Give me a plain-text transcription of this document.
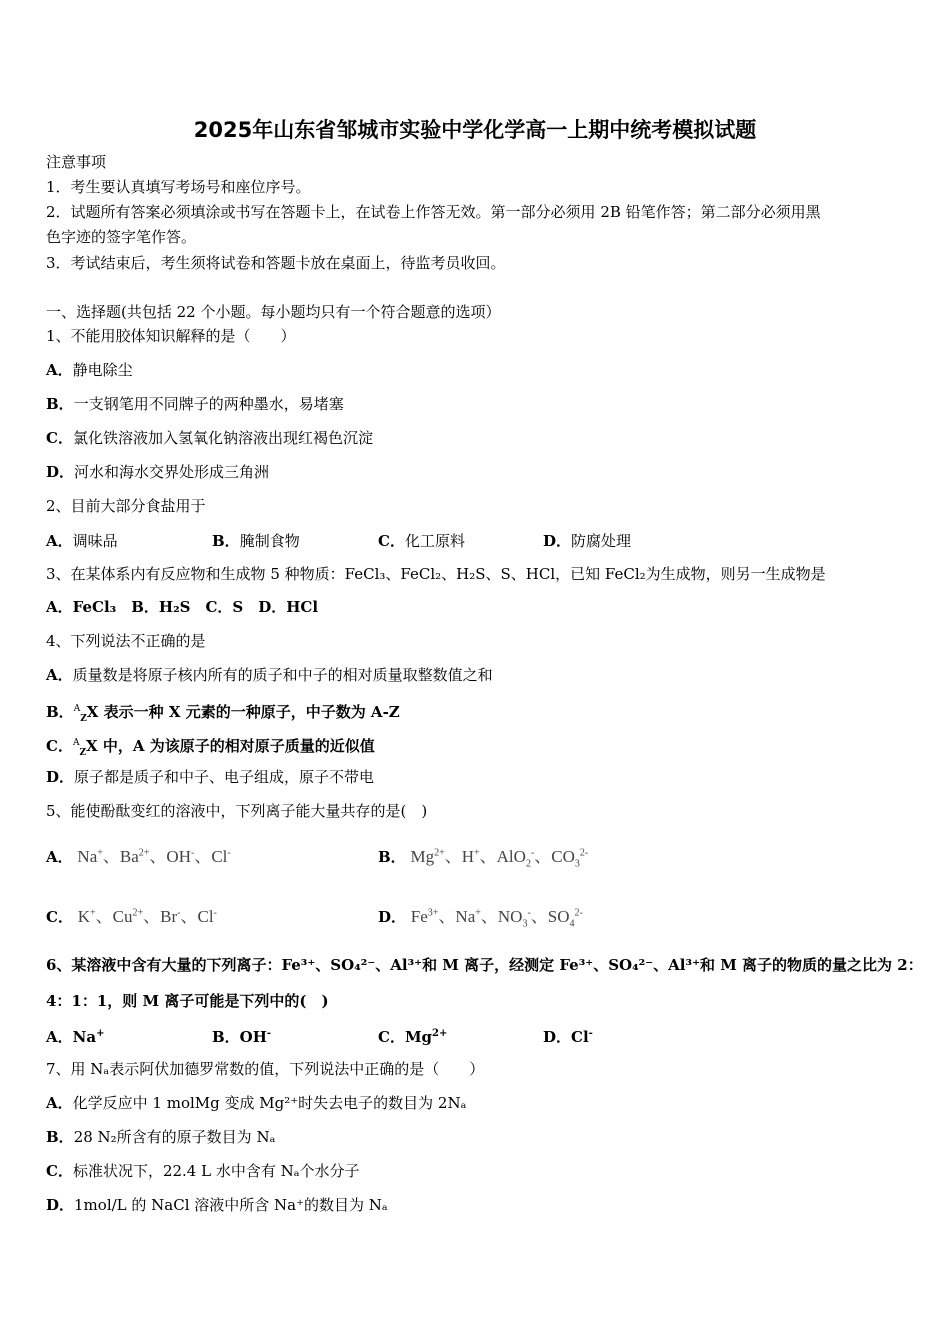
2025年山东省邹城市实验中学化学高一上期中统考模拟试题
注意事项
1．考生要认真填写考场号和座位序号。
2．试题所有答案必须填涂或书写在答题卡上，在试卷上作答无效。第一部分必须用 2B 铅笔作答；第二部分必须用黑
色字迹的签字笔作答。
3．考试结束后，考生须将试卷和答题卡放在桌面上，待监考员收回。
一、选择题(共包括 22 个小题。每小题均只有一个符合题意的选项）
1、不能用胶体知识解释的是（　　）
A．静电除尘
B．一支钢笔用不同牌子的两种墨水，易堵塞
C．氯化铁溶液加入氢氧化钠溶液出现红褐色沉淀
D．河水和海水交界处形成三角洲
2、目前大部分食盐用于
A．调味品	B．腌制食物	C．化工原料	D．防腐处理
3、在某体系内有反应物和生成物 5 种物质：FeCl₃、FeCl₂、H₂S、S、HCl，已知 FeCl₂为生成物，则另一生成物是
A．FeCl₃　B．H₂S　C．S　D．HCl
4、下列说法不正确的是
A．质量数是将原子核内所有的质子和中子的相对质量取整数值之和
B．$^A_Z$X 表示一种 X 元素的一种原子，中子数为 A-Z
C．$^A_Z$X 中，A 为该原子的相对原子质量的近似值
D．原子都是质子和中子、电子组成，原子不带电
5、能使酚酞变红的溶液中，下列离子能大量共存的是(　)
A． Na+、$Ba^{2+}$、OH-、Cl-	B． $Mg^{2+}$、H+、AlO$_2$-、$CO_3^{2-}$
C． K+、$Cu^{2+}$、Br-、Cl-	D． $Fe^{3+}$、Na+、$NO_3^-$、$SO_4^{2-}$
6、某溶液中含有大量的下列离子：Fe³⁺、SO₄²⁻、Al³⁺和 M 离子，经测定 Fe³⁺、SO₄²⁻、Al³⁺和 M 离子的物质的量之比为 2：
4：1：1，则 M 离子可能是下列中的(　)
A．Na+	B．OH-	C．$Mg^{2+}$	D．Cl-
7、用 Nₐ表示阿伏加德罗常数的值，下列说法中正确的是（　　）
A．化学反应中 1 molMg 变成 Mg²⁺时失去电子的数目为 2Nₐ
B．28 N₂所含有的原子数目为 Nₐ
C．标准状况下，22.4 L 水中含有 Nₐ个水分子
D．1mol/L 的 NaCl 溶液中所含 Na⁺的数目为 Nₐ
